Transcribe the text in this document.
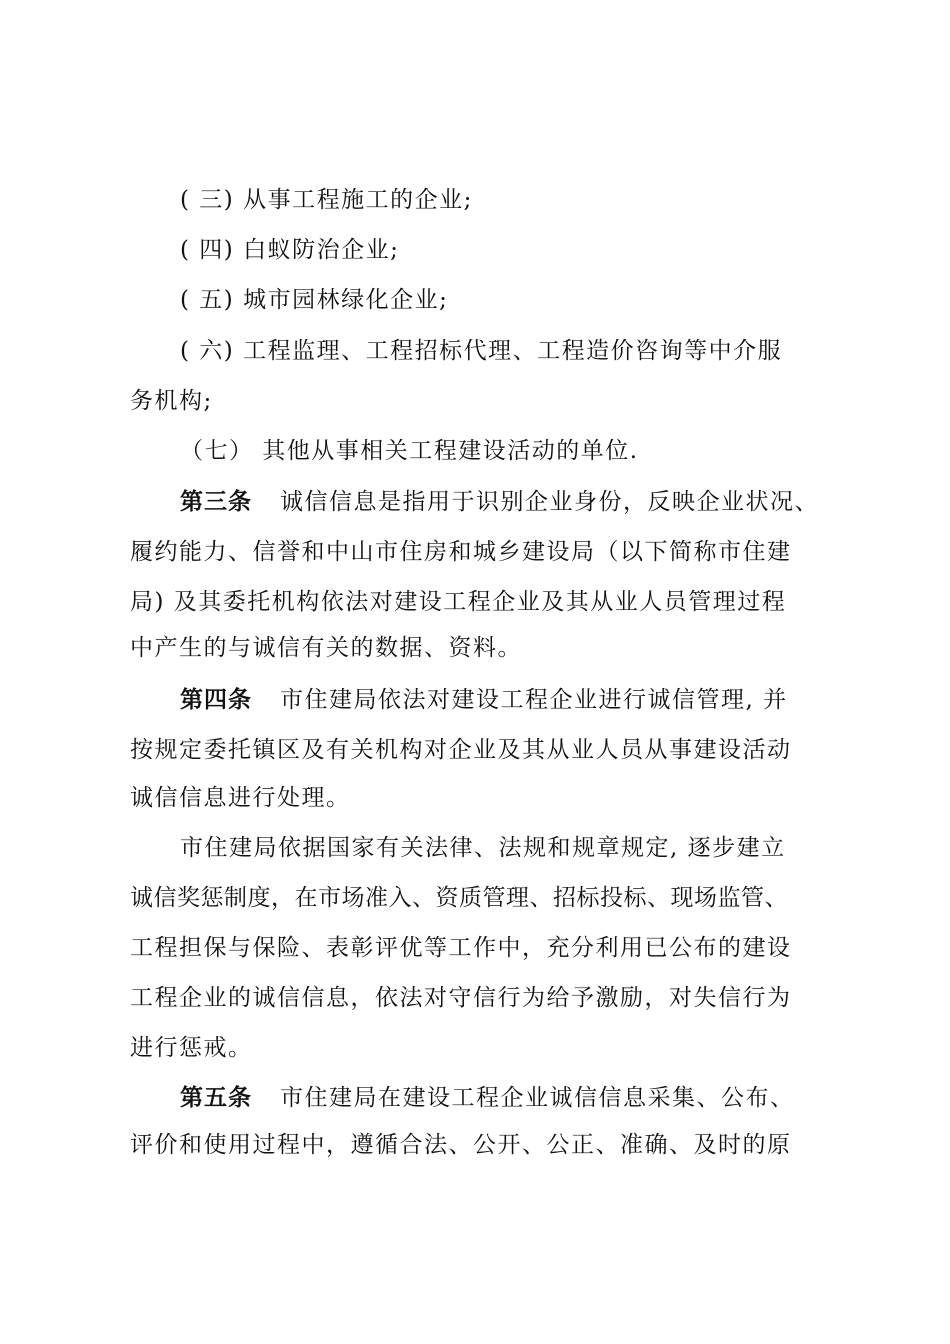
( 三) 从事工程施工的企业;
( 四) 白蚁防治企业;
( 五) 城市园林绿化企业;
( 六) 工程监理、工程招标代理、工程造价咨询等中介服
务机构;
（七） 其他从事相关工程建设活动的单位.
第三条 诚信信息是指用于识别企业身份，反映企业状况、
履约能力、信誉和中山市住房和城乡建设局（以下简称市住建
局) 及其委托机构依法对建设工程企业及其从业人员管理过程
中产生的与诚信有关的数据、资料。
第四条 市住建局依法对建设工程企业进行诚信管理, 并
按规定委托镇区及有关机构对企业及其从业人员从事建设活动
诚信信息进行处理。
市住建局依据国家有关法律、法规和规章规定, 逐步建立
诚信奖惩制度，在市场准入、资质管理、招标投标、现场监管、
工程担保与保险、表彰评优等工作中，充分利用已公布的建设
工程企业的诚信信息，依法对守信行为给予激励，对失信行为
进行惩戒。
第五条 市住建局在建设工程企业诚信信息采集、公布、
评价和使用过程中，遵循合法、公开、公正、准确、及时的原
